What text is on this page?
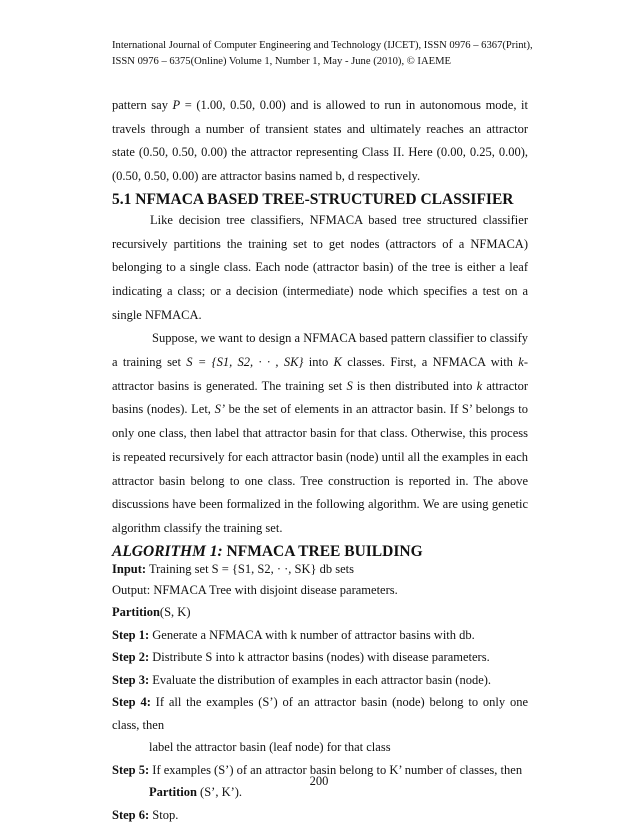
International Journal of Computer Engineering and Technology (IJCET), ISSN 0976 – 6367(Print),
ISSN 0976 – 6375(Online) Volume 1, Number 1, May - June (2010), © IAEME

pattern say P = (1.00, 0.50, 0.00) and is allowed to run in autonomous mode, it travels through a number of transient states and ultimately reaches an attractor state (0.50, 0.50, 0.00) the attractor representing Class II. Here (0.00, 0.25, 0.00), (0.50, 0.50, 0.00) are attractor basins named b, d respectively.

5.1 NFMACA BASED TREE-STRUCTURED CLASSIFIER

Like decision tree classifiers, NFMACA based tree structured classifier recursively partitions the training set to get nodes (attractors of a NFMACA) belonging to a single class. Each node (attractor basin) of the tree is either a leaf indicating a class; or a decision (intermediate) node which specifies a test on a single NFMACA.

Suppose, we want to design a NFMACA based pattern classifier to classify a training set S = {S1, S2, · · , SK} into K classes. First, a NFMACA with k-attractor basins is generated. The training set S is then distributed into k attractor basins (nodes). Let, S’ be the set of elements in an attractor basin. If S’ belongs to only one class, then label that attractor basin for that class. Otherwise, this process is repeated recursively for each attractor basin (node) until all the examples in each attractor basin belong to one class. Tree construction is reported in. The above discussions have been formalized in the following algorithm. We are using genetic algorithm classify the training set.

ALGORITHM 1: NFMACA TREE BUILDING
Input: Training set S = {S1, S2, · ·, SK} db sets
Output: NFMACA Tree with disjoint disease parameters.
Partition(S, K)
Step 1: Generate a NFMACA with k number of attractor basins with db.
Step 2: Distribute S into k attractor basins (nodes) with disease parameters.
Step 3: Evaluate the distribution of examples in each attractor basin (node).
Step 4: If all the examples (S’) of an attractor basin (node) belong to only one class, then
label the attractor basin (leaf node) for that class
Step 5: If examples (S’) of an attractor basin belong to K’ number of classes, then
Partition (S’, K’).
Step 6: Stop.
200
